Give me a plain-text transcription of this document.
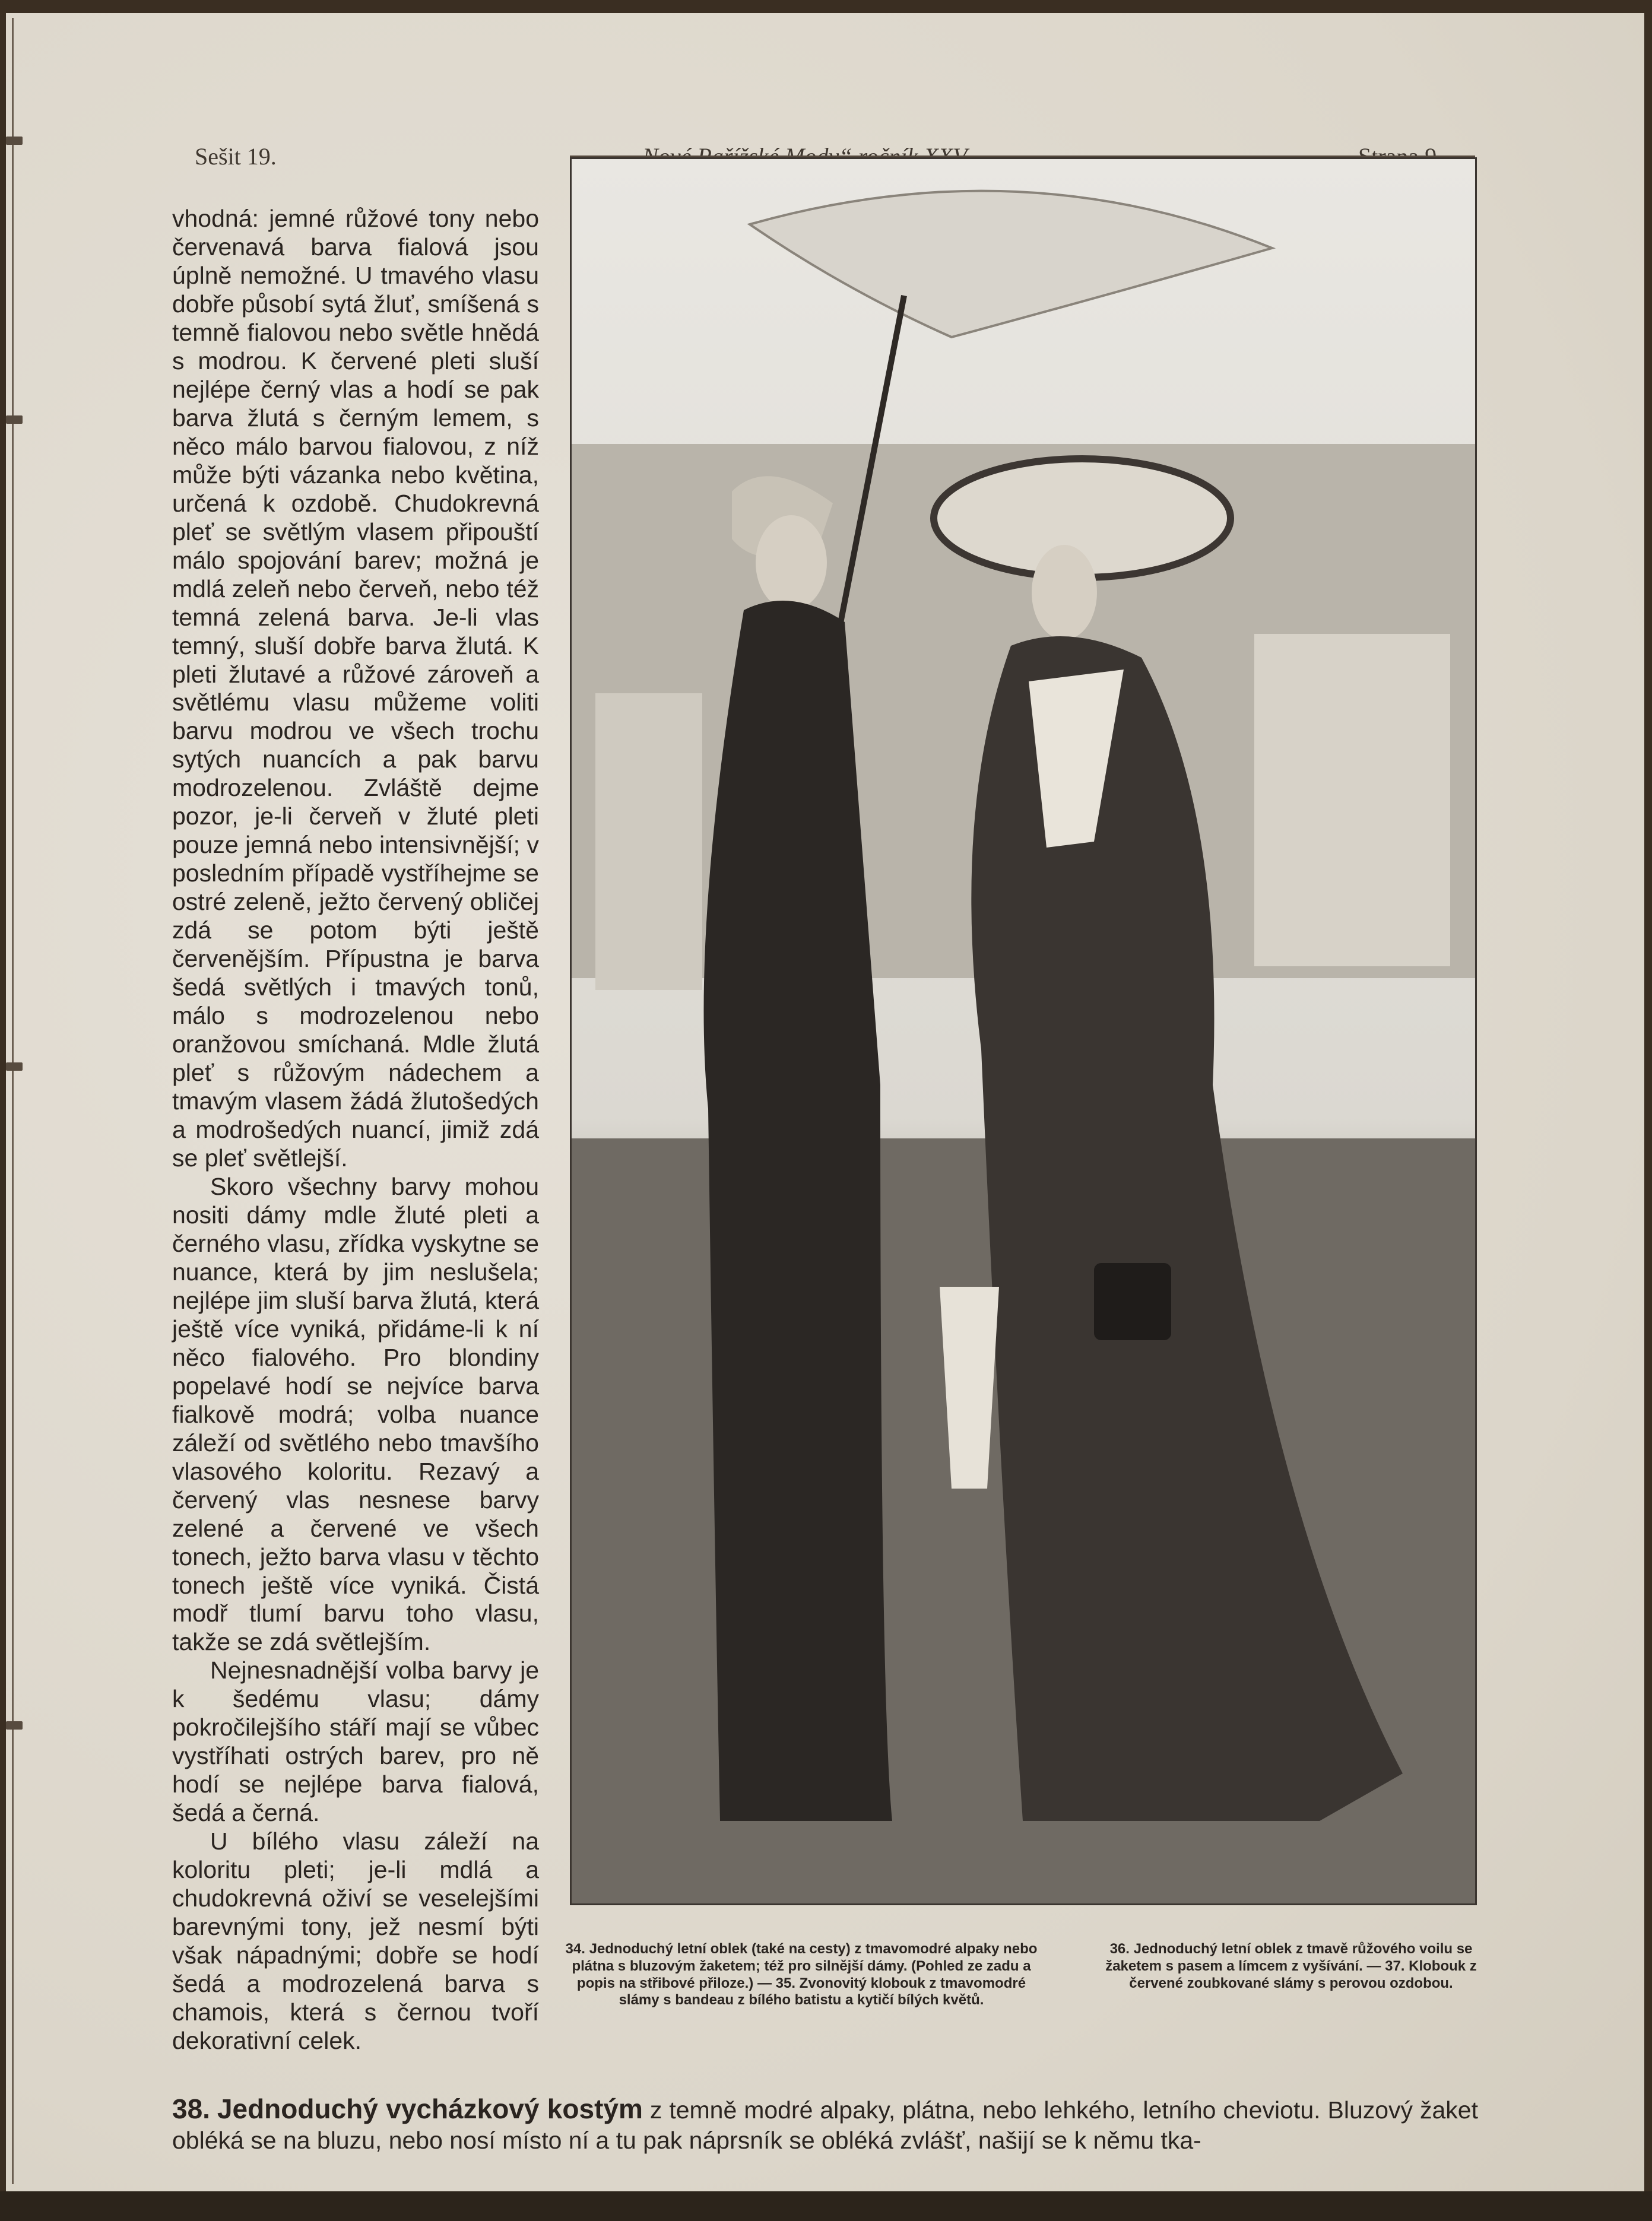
Sešit 19.

vhodná: jemné růžové tony nebo červenavá barva fialová jsou úplně nemožné. U tmavého vlasu dobře působí sytá žluť, smíšená s temně fialovou nebo světle hnědá s modrou. K červené pleti sluší nejlépe černý vlas a hodí se pak barva žlutá s černým lemem, s něco málo barvou fialovou, z níž může býti vázanka nebo květina, určená k ozdobě. Chudokrevná pleť se světlým vlasem připouští málo spojování barev; možná je mdlá zeleň nebo červeň, nebo též temná zelená barva. Je-li vlas temný, sluší dobře barva žlutá. K pleti žlutavé a růžové zároveň a světlému vlasu můžeme voliti barvu modrou ve všech trochu sytých nuancích a pak barvu modrozelenou. Zvláště dejme pozor, je-li červeň v žluté pleti pouze jemná nebo intensivnější; v posledním případě vystříhejme se ostré zeleně, ježto červený obličej zdá se potom býti ještě červenějším. Přípustna je barva šedá světlých i tmavých tonů, málo s modrozelenou nebo oranžovou smíchaná. Mdle žlutá pleť s růžovým nádechem a tmavým vlasem žádá žlutošedých a modrošedých nuancí, jimiž zdá se pleť světlejší.

Skoro všechny barvy mohou nositi dámy mdle žluté pleti a černého vlasu, zřídka vyskytne se nuance, která by jim neslušela; nejlépe jim sluší barva žlutá, která ještě více vyniká, přidáme-li k ní něco fialového. Pro blondiny popelavé hodí se nejvíce barva fialkově modrá; volba nuance záleží od světlého nebo tmavšího vlasového koloritu. Rezavý a červený vlas nesnese barvy zelené a červené ve všech tonech, ježto barva vlasu v těchto tonech ještě více vyniká. Čistá modř tlumí barvu toho vlasu, takže se zdá světlejším.

Nejnesnadnější volba barvy je k šedému vlasu; dámy pokročilejšího stáří mají se vůbec vystříhati ostrých barev, pro ně hodí se nejlépe barva fialová, šedá a černá.

U bílého vlasu záleží na koloritu pleti; je-li mdlá a chudokrevná oživí se veselejšími barevnými tony, jež nesmí býti však nápadnými; dobře se hodí šedá a modrozelená barva s chamois, která s černou tvoří dekorativní celek.

34. Jednoduchý letní oblek (také na cesty) z tmavomodré alpaky nebo plátna s bluzovým žaketem; též pro silnější dámy. (Pohled ze zadu a popis na střibové přiloze.) — 35. Zvonovitý klobouk z tmavomodré slámy s bandeau z bílého batistu a kytičí bílých květů.
36. Jednoduchý letní oblek z tmavě růžového voilu se žaketem s pasem a límcem z vyšívání. — 37. Klobouk z červené zoubkované slámy s perovou ozdobou.
38. Jednoduchý vycházkový kostým z temně modré alpaky, plátna, nebo lehkého, letního cheviotu. Bluzový žaket obléká se na bluzu, nebo nosí místo ní a tu pak náprsník se obléká zvlášť, našijí se k němu tka-
